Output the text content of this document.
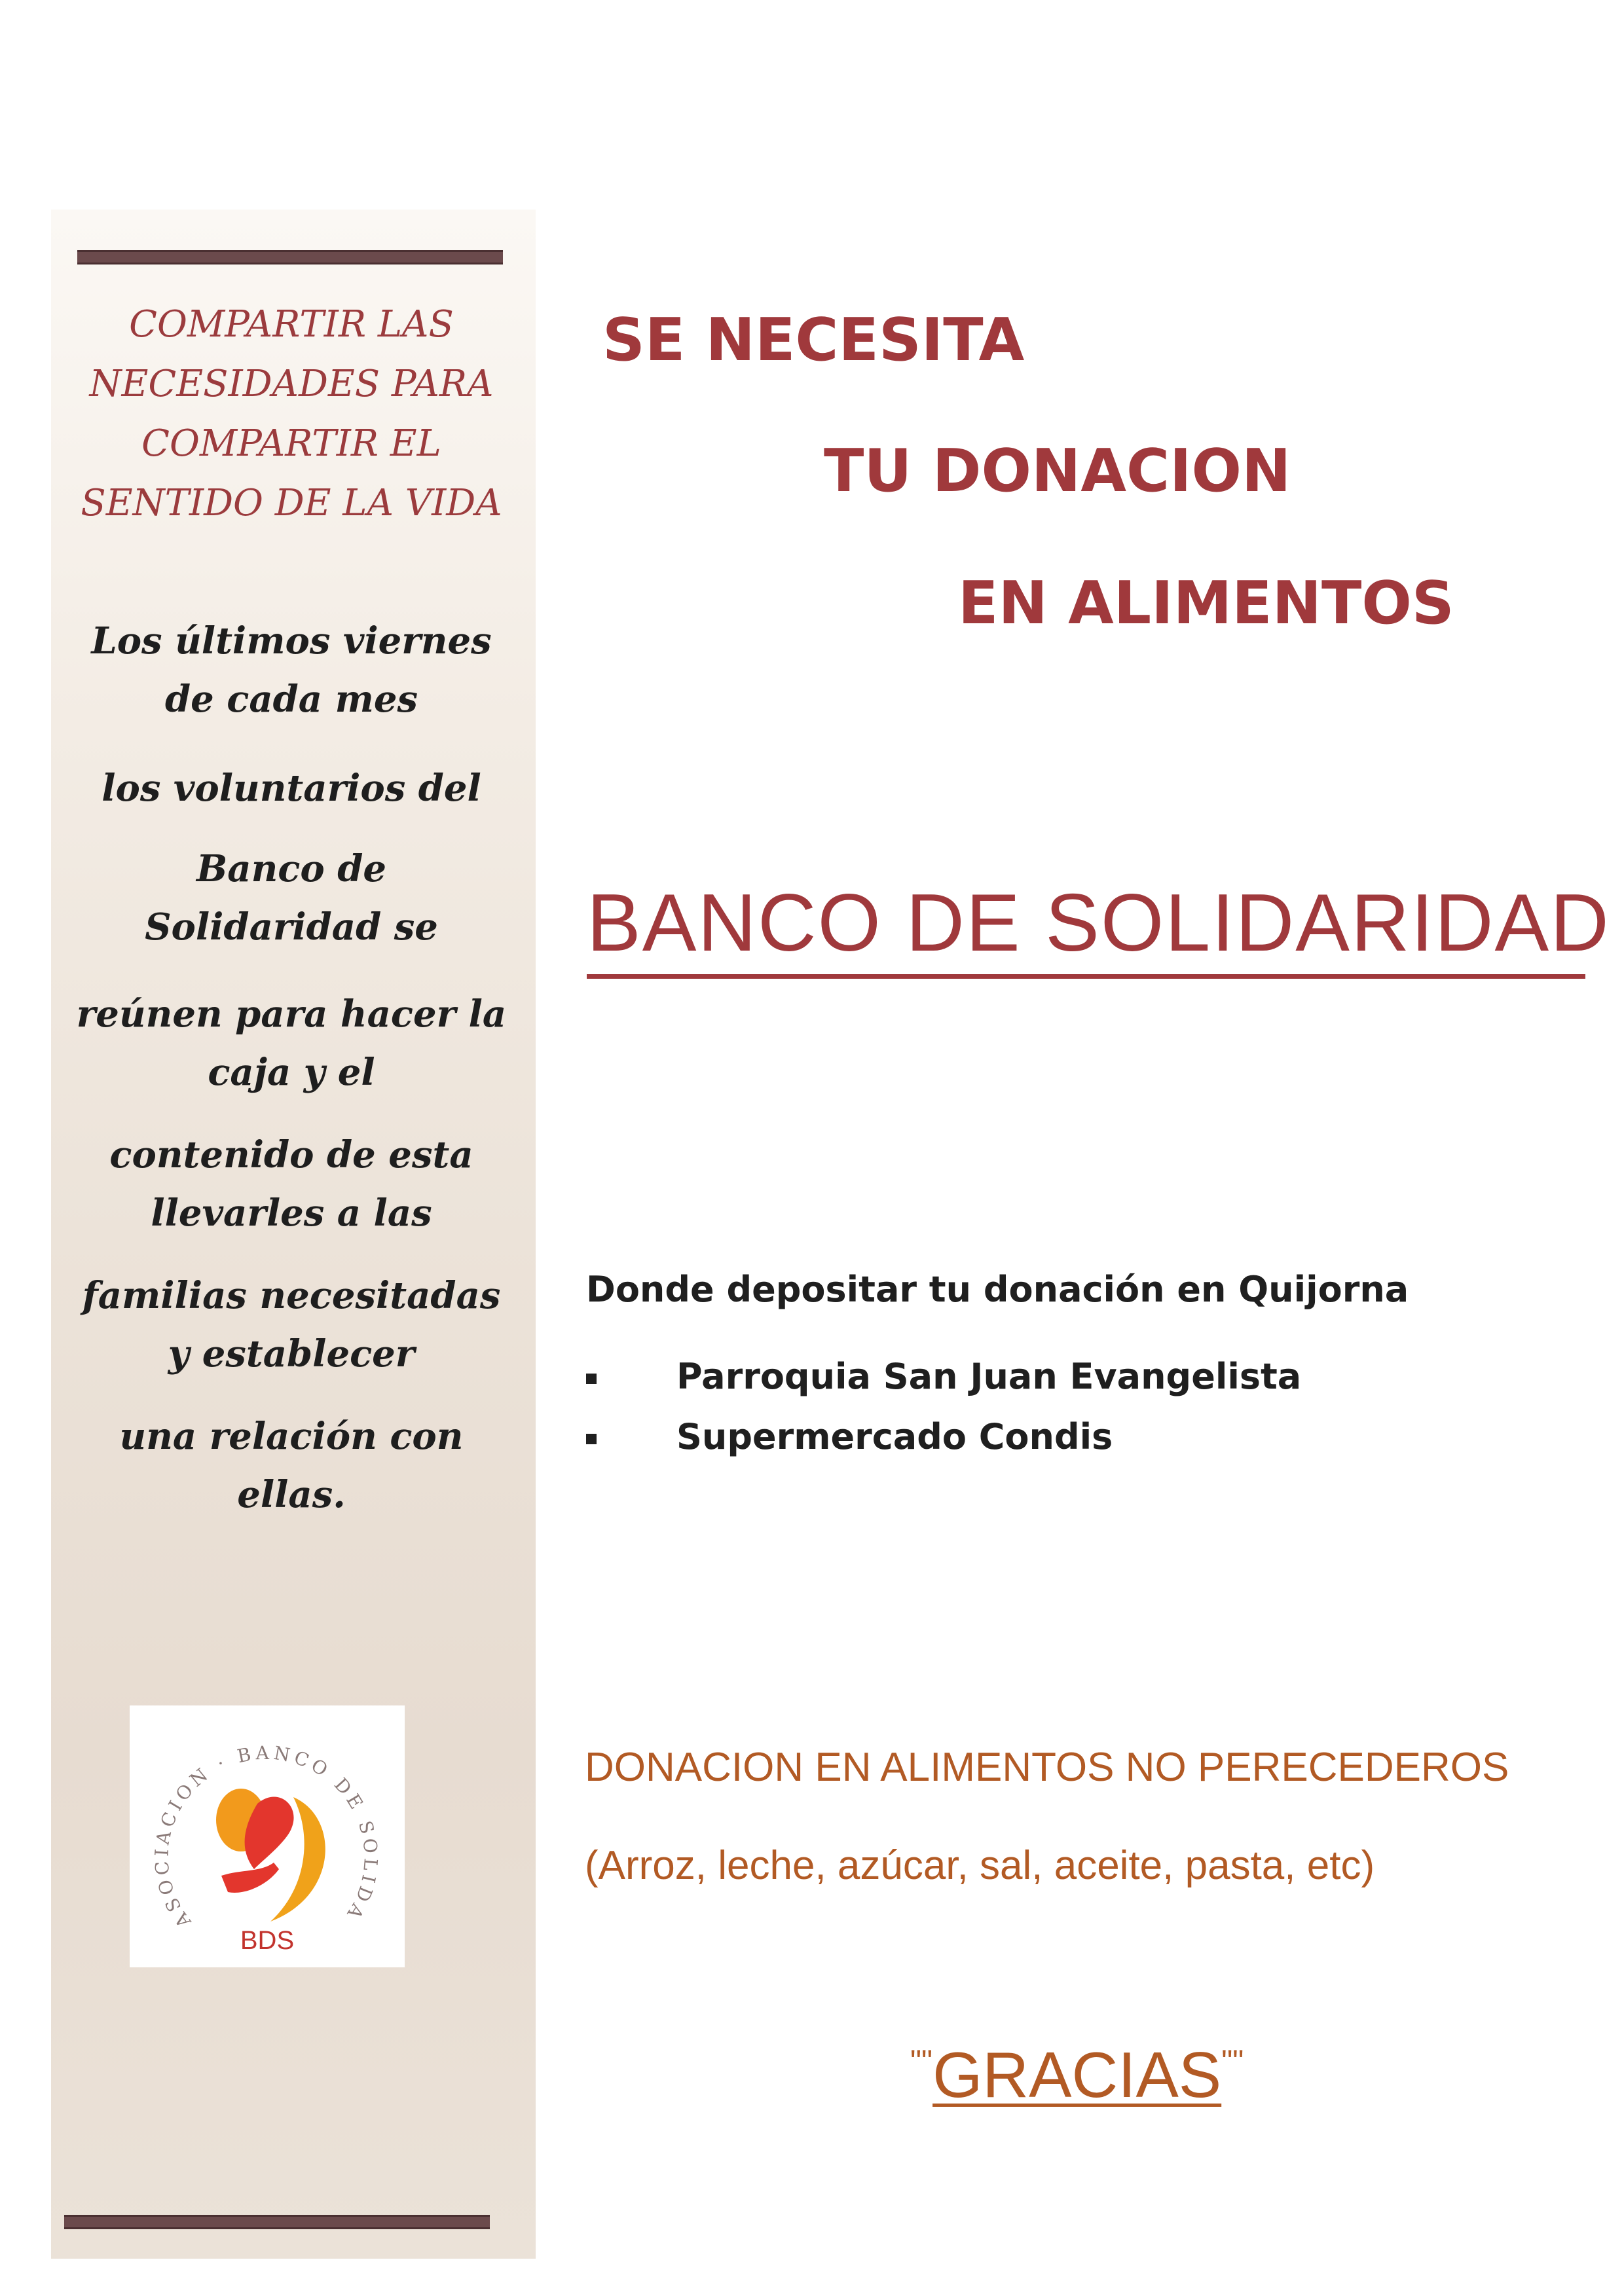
COMPARTIR LAS
NECESIDADES PARA
COMPARTIR EL
SENTIDO DE LA VIDA
Los últimos viernes
de cada mes
los voluntarios del
Banco de
Solidaridad se
reúnen para hacer la
caja y el
contenido de esta
llevarles a las
familias necesitadas
y establecer
una relación con
ellas.
ASOCIACION · BANCO DE SOLIDA
BDS
SE NECESITA
TU DONACION
EN ALIMENTOS
BANCO DE SOLIDARIDAD
Donde depositar tu donación en Quijorna
Parroquia San Juan Evangelista
Supermercado Condis
DONACION EN ALIMENTOS NO PERECEDEROS
(Arroz, leche, azúcar, sal, aceite, pasta, etc)
""GRACIAS""
